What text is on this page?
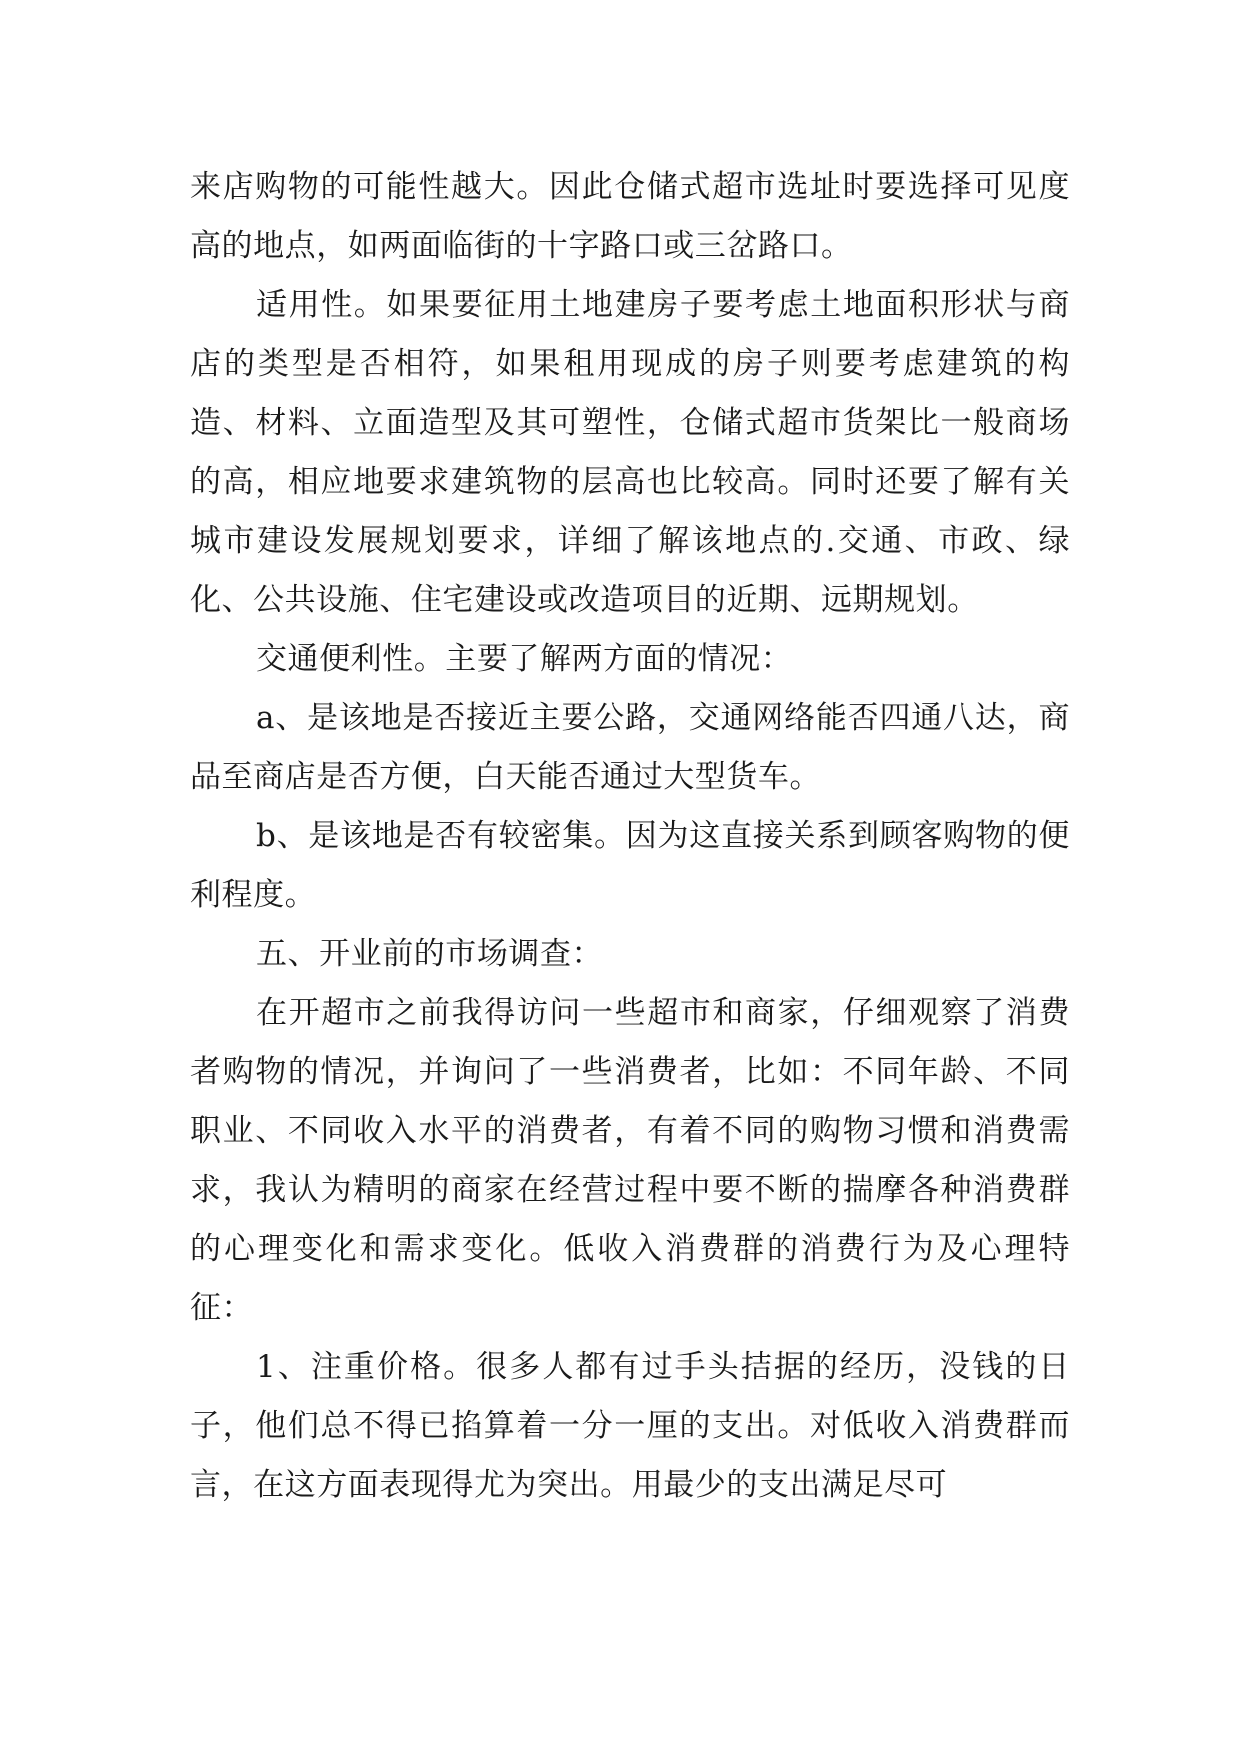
来店购物的可能性越大。因此仓储式超市选址时要选择可见度高的地点，如两面临街的十字路口或三岔路口。

适用性。如果要征用土地建房子要考虑土地面积形状与商店的类型是否相符，如果租用现成的房子则要考虑建筑的构造、材料、立面造型及其可塑性，仓储式超市货架比一般商场的高，相应地要求建筑物的层高也比较高。同时还要了解有关城市建设发展规划要求，详细了解该地点的.交通、市政、绿化、公共设施、住宅建设或改造项目的近期、远期规划。

交通便利性。主要了解两方面的情况：

a、是该地是否接近主要公路，交通网络能否四通八达，商品至商店是否方便，白天能否通过大型货车。

b、是该地是否有较密集。因为这直接关系到顾客购物的便利程度。

五、开业前的市场调查：

在开超市之前我得访问一些超市和商家，仔细观察了消费者购物的情况，并询问了一些消费者，比如：不同年龄、不同职业、不同收入水平的消费者，有着不同的购物习惯和消费需求，我认为精明的商家在经营过程中要不断的揣摩各种消费群的心理变化和需求变化。低收入消费群的消费行为及心理特征：

1、注重价格。很多人都有过手头拮据的经历，没钱的日子，他们总不得已掐算着一分一厘的支出。对低收入消费群而言，在这方面表现得尤为突出。用最少的支出满足尽可
